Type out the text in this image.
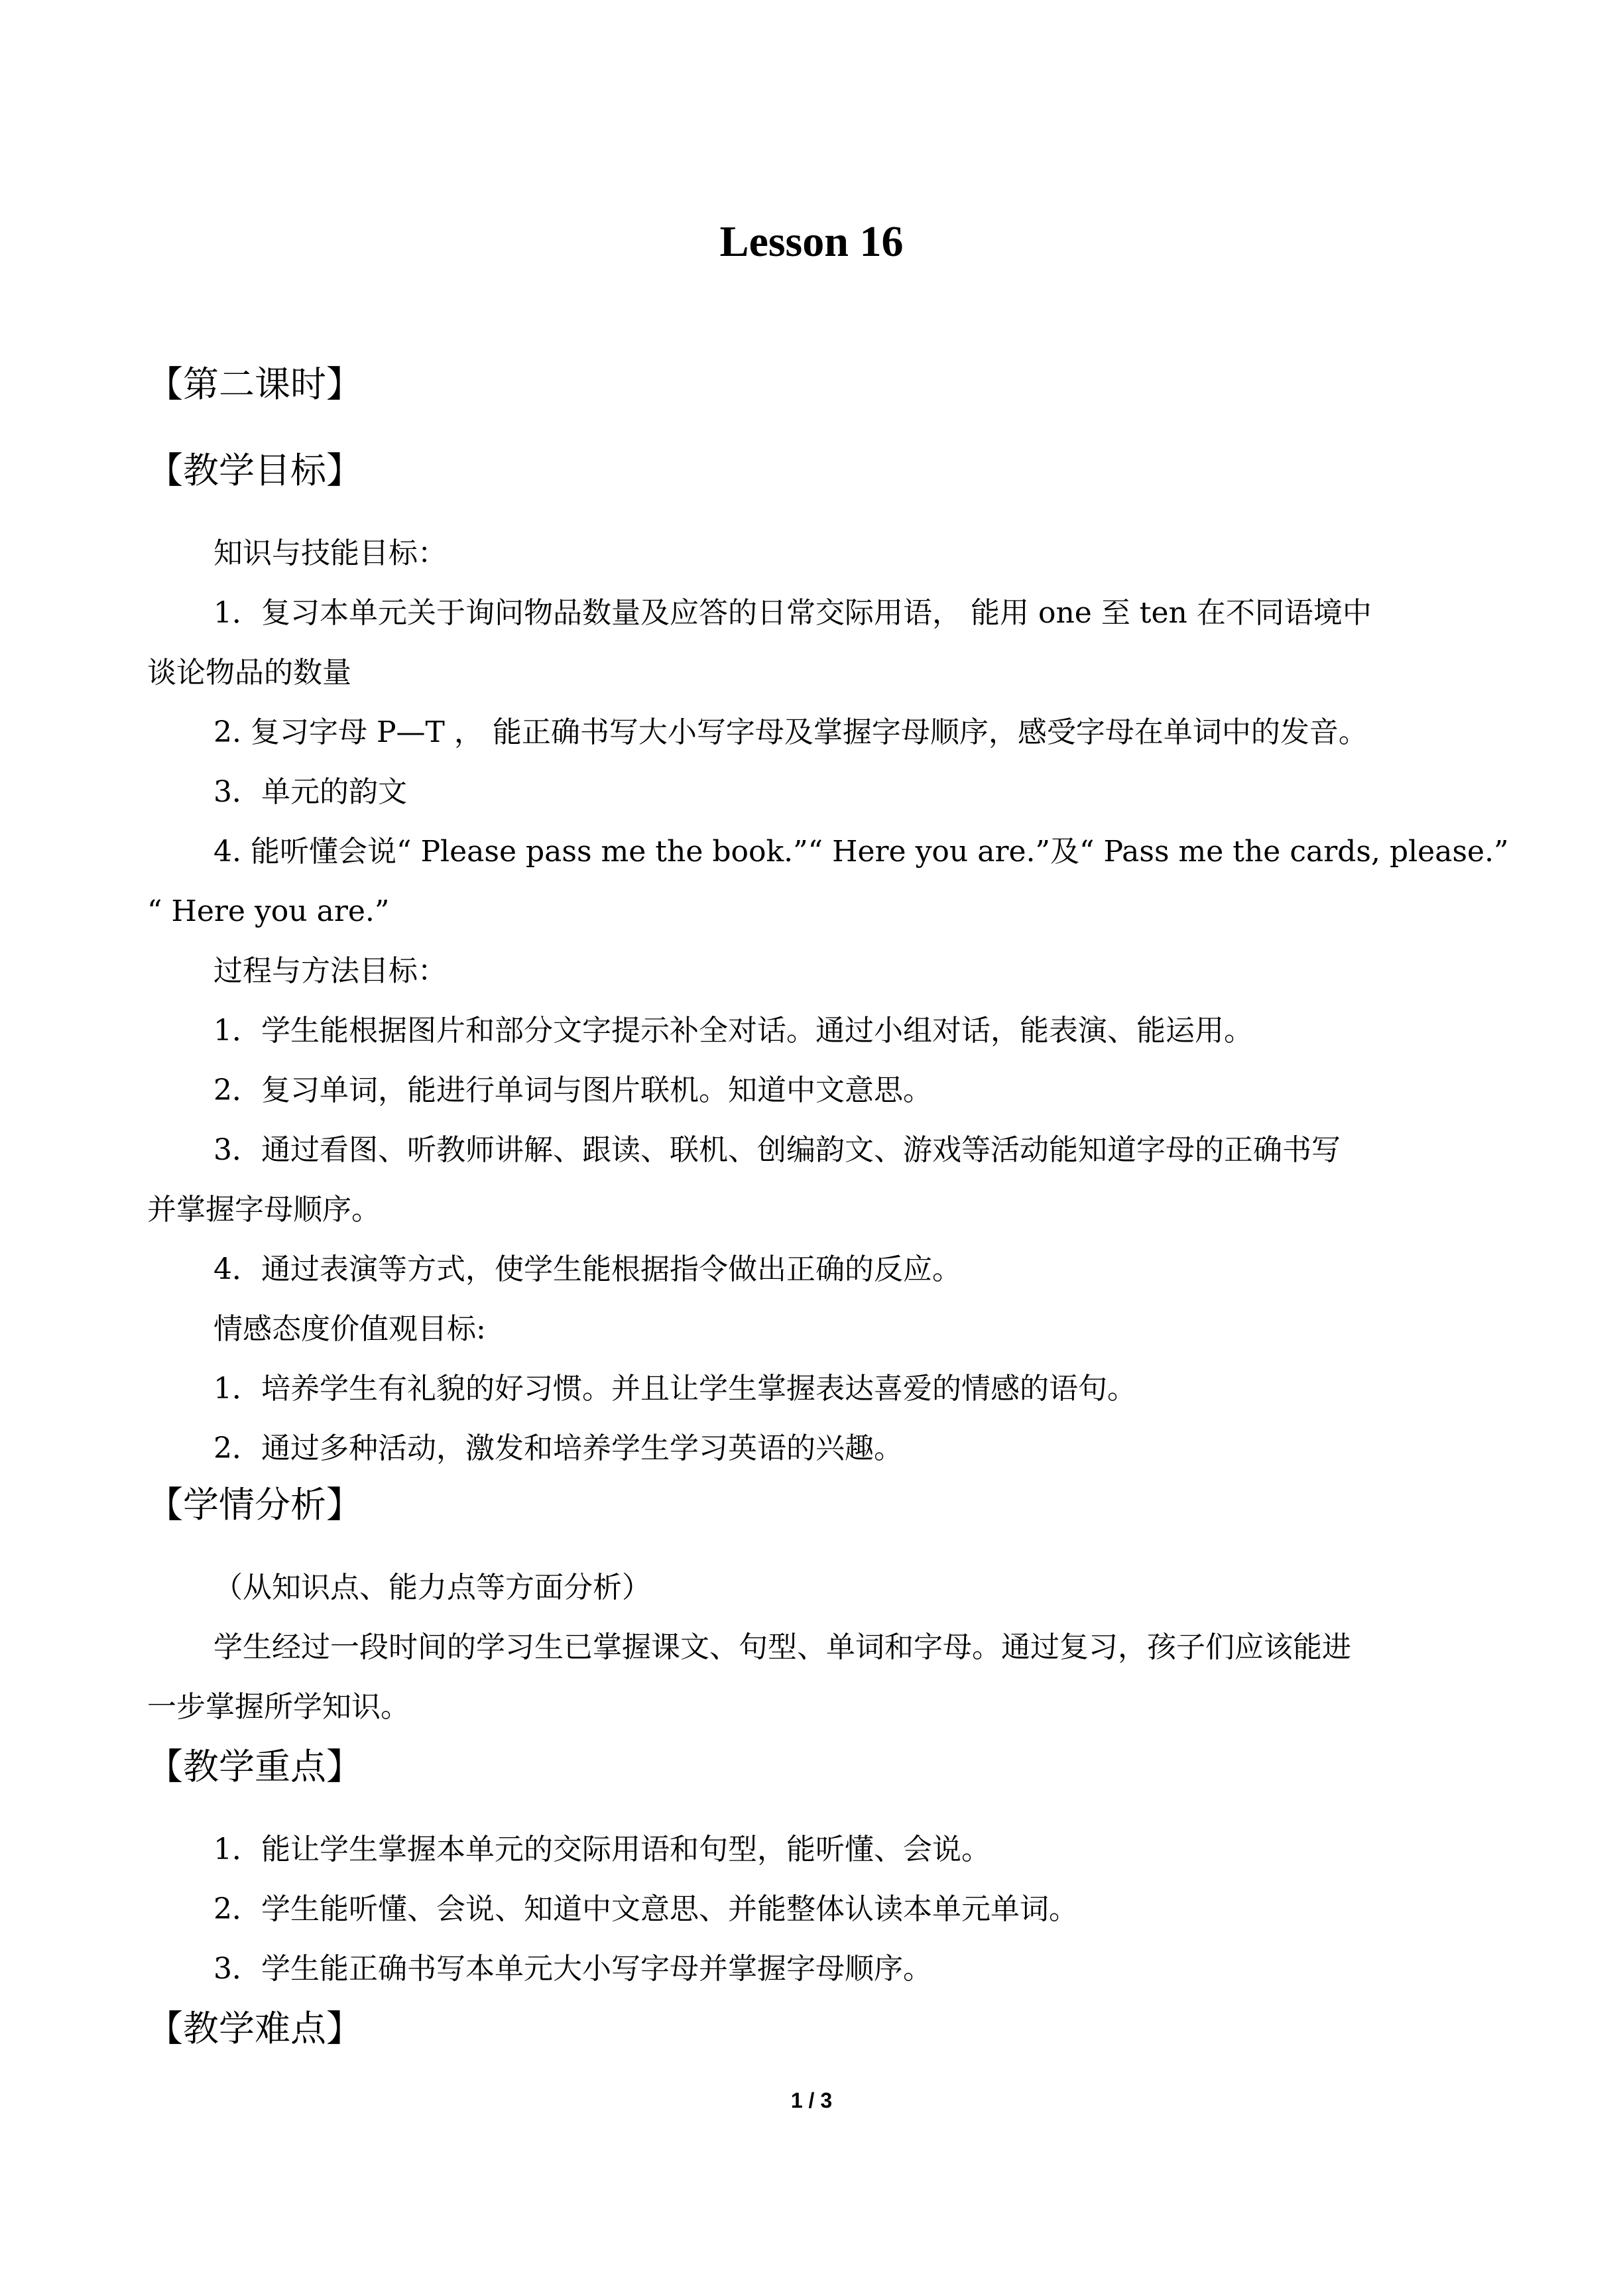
Lesson 16
【第二课时】
【教学目标】
知识与技能目标：
1．复习本单元关于询问物品数量及应答的日常交际用语， 能用 one 至 ten 在不同语境中
谈论物品的数量
2. 复习字母 P—T ， 能正确书写大小写字母及掌握字母顺序，感受字母在单词中的发音。
3．单元的韵文
4. 能听懂会说“ Please pass me the book.”“ Here you are.”及“ Pass me the cards, please.”
“ Here you are.”
过程与方法目标：
1．学生能根据图片和部分文字提示补全对话。通过小组对话，能表演、能运用。
2．复习单词，能进行单词与图片联机。知道中文意思。
3．通过看图、听教师讲解、跟读、联机、创编韵文、游戏等活动能知道字母的正确书写
并掌握字母顺序。
4．通过表演等方式，使学生能根据指令做出正确的反应。
情感态度价值观目标:
1．培养学生有礼貌的好习惯。并且让学生掌握表达喜爱的情感的语句。
2．通过多种活动，激发和培养学生学习英语的兴趣。
【学情分析】
（从知识点、能力点等方面分析）
学生经过一段时间的学习生已掌握课文、句型、单词和字母。通过复习，孩子们应该能进
一步掌握所学知识。
【教学重点】
1．能让学生掌握本单元的交际用语和句型，能听懂、会说。
2．学生能听懂、会说、知道中文意思、并能整体认读本单元单词。
3．学生能正确书写本单元大小写字母并掌握字母顺序。
【教学难点】
1 / 3
